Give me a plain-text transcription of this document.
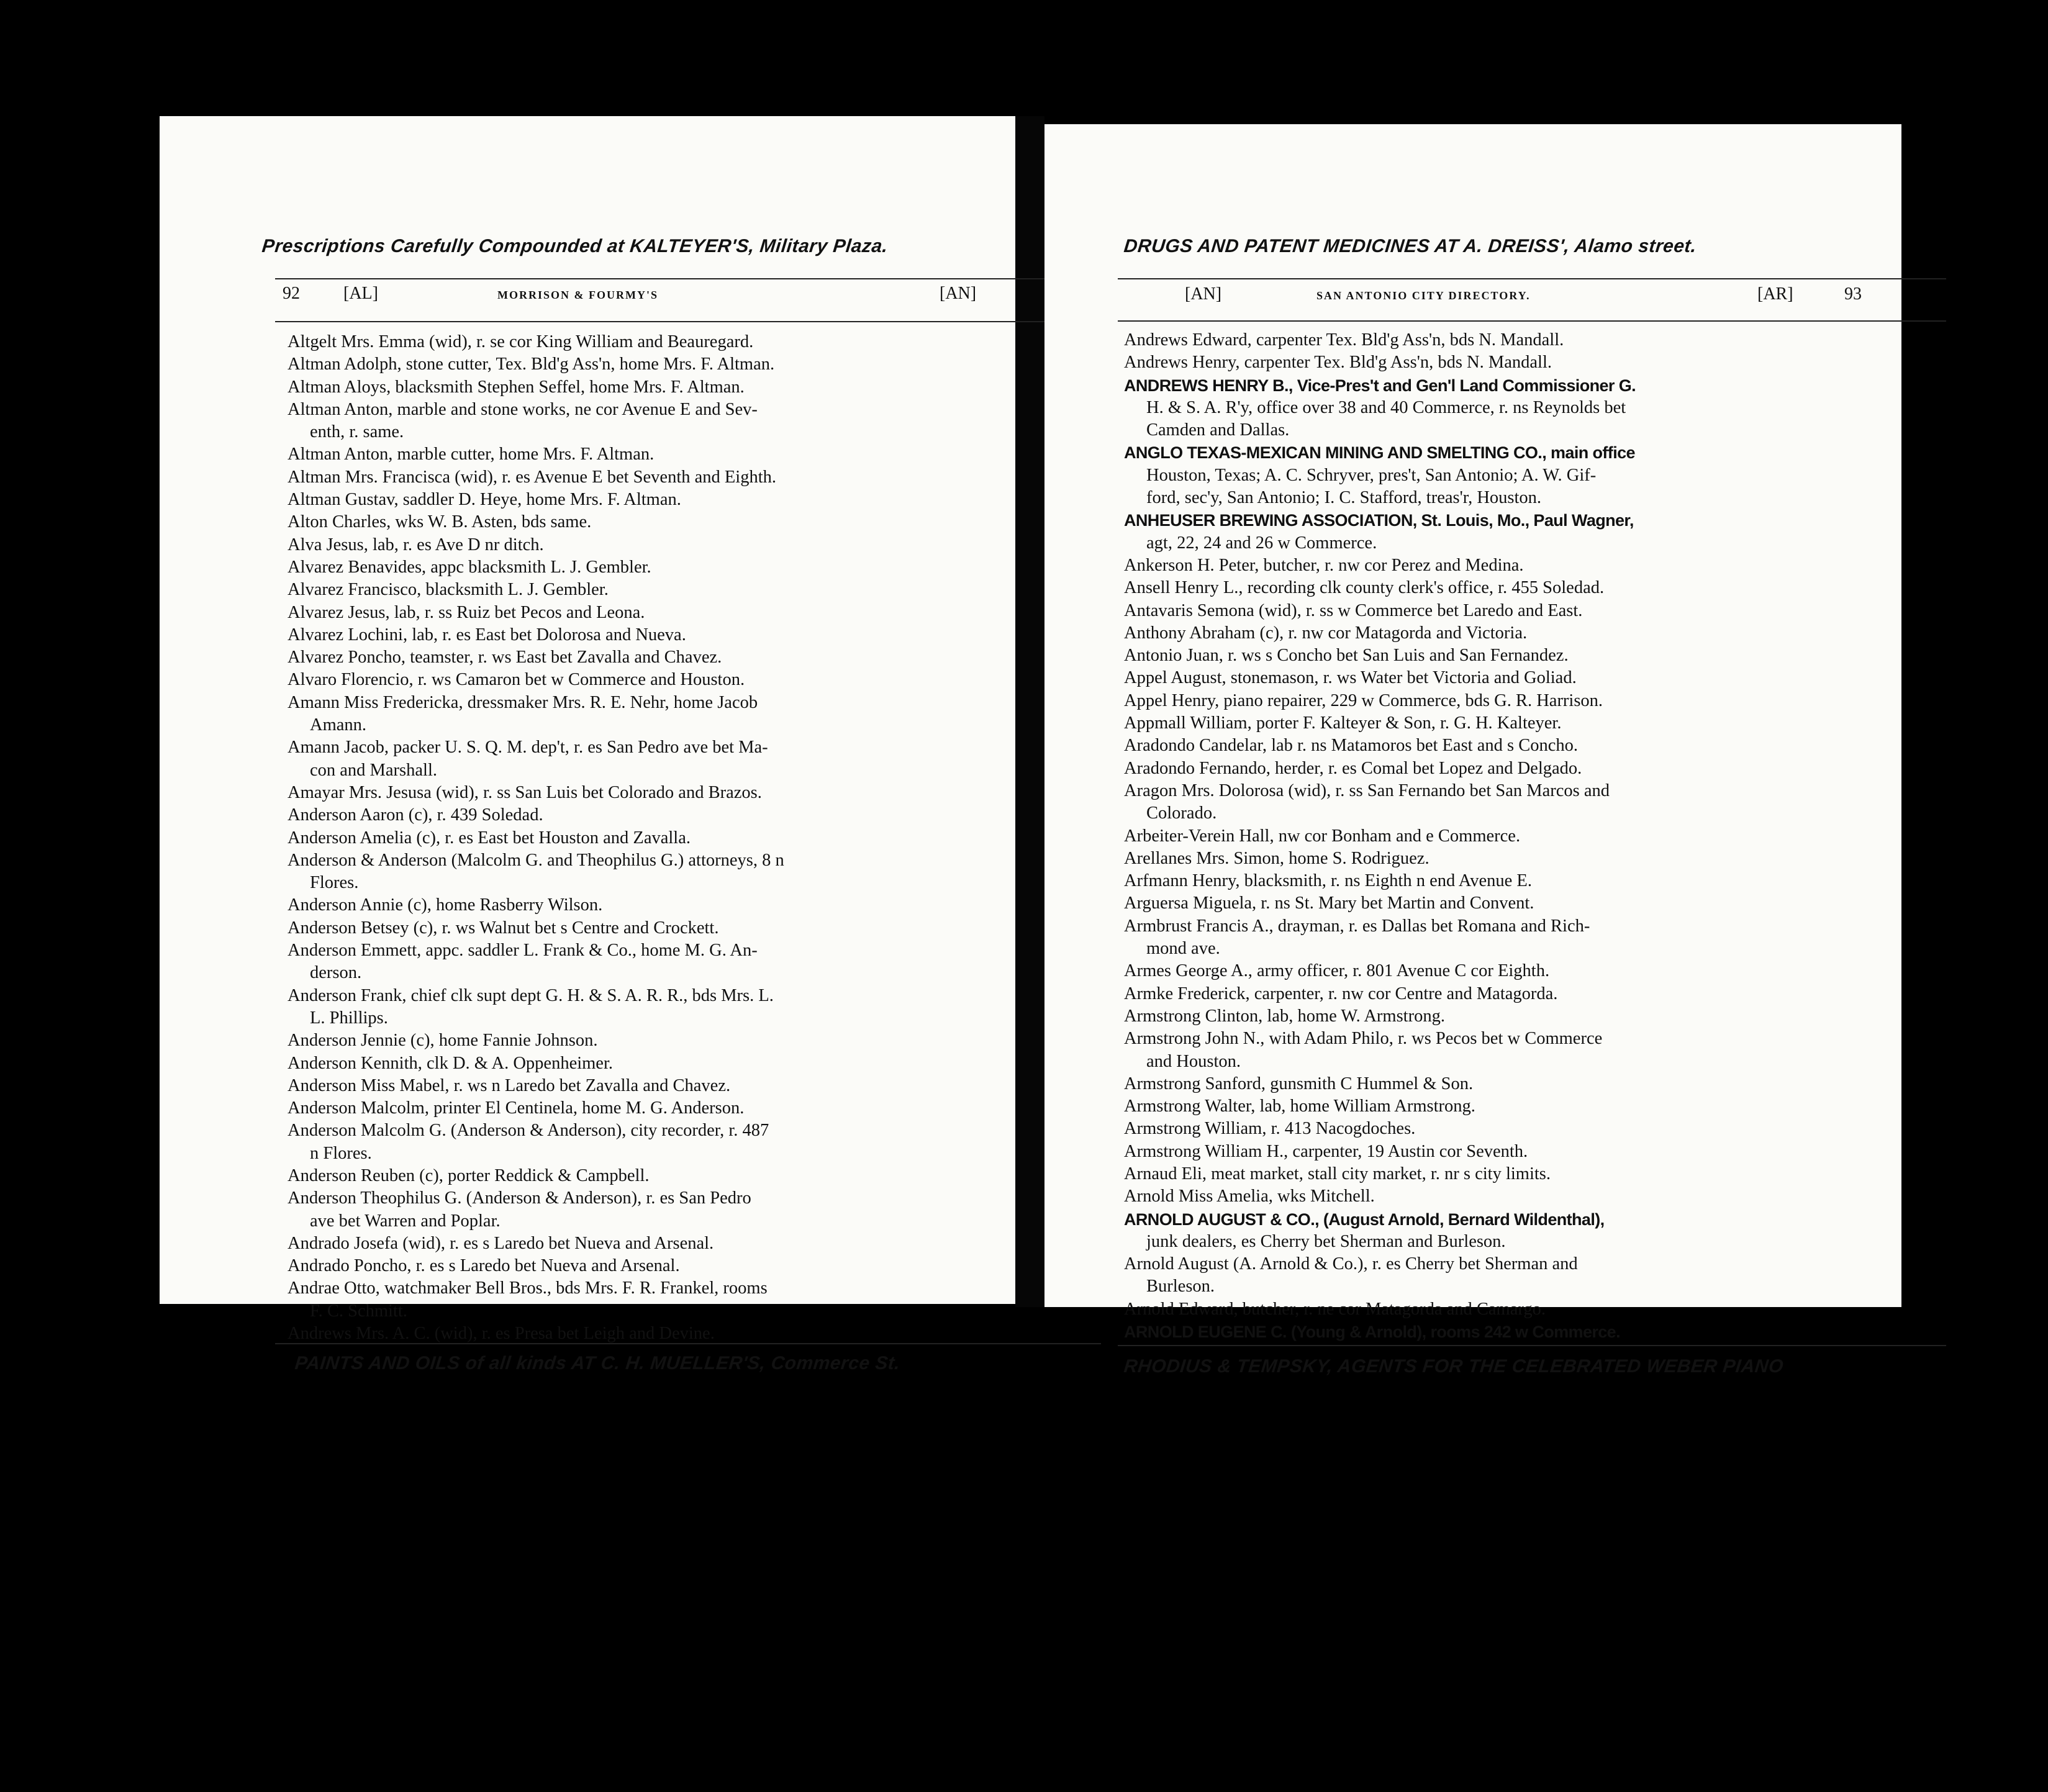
Prescriptions Carefully Compounded at KALTEYER'S, Military Plaza.
92	[AL]	MORRISON & FOURMY'S	[AN]
Altgelt Mrs. Emma (wid), r. se cor King William and Beauregard.
Altman Adolph, stone cutter, Tex. Bld'g Ass'n, home Mrs. F. Altman.
Altman Aloys, blacksmith Stephen Seffel, home Mrs. F. Altman.
Altman Anton, marble and stone works, ne cor Avenue E and Sev-
enth, r. same.
Altman Anton, marble cutter, home Mrs. F. Altman.
Altman Mrs. Francisca (wid), r. es Avenue E bet Seventh and Eighth.
Altman Gustav, saddler D. Heye, home Mrs. F. Altman.
Alton Charles, wks W. B. Asten, bds same.
Alva Jesus, lab, r. es Ave D nr ditch.
Alvarez Benavides, appc blacksmith L. J. Gembler.
Alvarez Francisco, blacksmith L. J. Gembler.
Alvarez Jesus, lab, r. ss Ruiz bet Pecos and Leona.
Alvarez Lochini, lab, r. es East bet Dolorosa and Nueva.
Alvarez Poncho, teamster, r. ws East bet Zavalla and Chavez.
Alvaro Florencio, r. ws Camaron bet w Commerce and Houston.
Amann Miss Fredericka, dressmaker Mrs. R. E. Nehr, home Jacob
Amann.
Amann Jacob, packer U. S. Q. M. dep't, r. es San Pedro ave bet Ma-
con and Marshall.
Amayar Mrs. Jesusa (wid), r. ss San Luis bet Colorado and Brazos.
Anderson Aaron (c), r. 439 Soledad.
Anderson Amelia (c), r. es East bet Houston and Zavalla.
Anderson & Anderson (Malcolm G. and Theophilus G.) attorneys, 8 n
Flores.
Anderson Annie (c), home Rasberry Wilson.
Anderson Betsey (c), r. ws Walnut bet s Centre and Crockett.
Anderson Emmett, appc. saddler L. Frank & Co., home M. G. An-
derson.
Anderson Frank, chief clk supt dept G. H. & S. A. R. R., bds Mrs. L.
L. Phillips.
Anderson Jennie (c), home Fannie Johnson.
Anderson Kennith, clk D. & A. Oppenheimer.
Anderson Miss Mabel, r. ws n Laredo bet Zavalla and Chavez.
Anderson Malcolm, printer El Centinela, home M. G. Anderson.
Anderson Malcolm G. (Anderson & Anderson), city recorder, r. 487
n Flores.
Anderson Reuben (c), porter Reddick & Campbell.
Anderson Theophilus G. (Anderson & Anderson), r. es San Pedro
ave bet Warren and Poplar.
Andrado Josefa (wid), r. es s Laredo bet Nueva and Arsenal.
Andrado Poncho, r. es s Laredo bet Nueva and Arsenal.
Andrae Otto, watchmaker Bell Bros., bds Mrs. F. R. Frankel, rooms
F. C. Schmitt.
Andrews Mrs. A. C. (wid), r. es Presa bet Leigh and Devine.
PAINTS AND OILS of all kinds AT C. H. MUELLER'S, Commerce St.
DRUGS AND PATENT MEDICINES AT A. DREISS', Alamo street.
[AN]	SAN ANTONIO CITY DIRECTORY.	[AR]	93
Andrews Edward, carpenter Tex. Bld'g Ass'n, bds N. Mandall.
Andrews Henry, carpenter Tex. Bld'g Ass'n, bds N. Mandall.
ANDREWS HENRY B., Vice-Pres't and Gen'l Land Commissioner G.
H. & S. A. R'y, office over 38 and 40 Commerce, r. ns Reynolds bet
Camden and Dallas.
ANGLO TEXAS-MEXICAN MINING AND SMELTING CO., main office
Houston, Texas; A. C. Schryver, pres't, San Antonio; A. W. Gif-
ford, sec'y, San Antonio; I. C. Stafford, treas'r, Houston.
ANHEUSER BREWING ASSOCIATION, St. Louis, Mo., Paul Wagner,
agt, 22, 24 and 26 w Commerce.
Ankerson H. Peter, butcher, r. nw cor Perez and Medina.
Ansell Henry L., recording clk county clerk's office, r. 455 Soledad.
Antavaris Semona (wid), r. ss w Commerce bet Laredo and East.
Anthony Abraham (c), r. nw cor Matagorda and Victoria.
Antonio Juan, r. ws s Concho bet San Luis and San Fernandez.
Appel August, stonemason, r. ws Water bet Victoria and Goliad.
Appel Henry, piano repairer, 229 w Commerce, bds G. R. Harrison.
Appmall William, porter F. Kalteyer & Son, r. G. H. Kalteyer.
Aradondo Candelar, lab r. ns Matamoros bet East and s Concho.
Aradondo Fernando, herder, r. es Comal bet Lopez and Delgado.
Aragon Mrs. Dolorosa (wid), r. ss San Fernando bet San Marcos and
Colorado.
Arbeiter-Verein Hall, nw cor Bonham and e Commerce.
Arellanes Mrs. Simon, home S. Rodriguez.
Arfmann Henry, blacksmith, r. ns Eighth n end Avenue E.
Arguersa Miguela, r. ns St. Mary bet Martin and Convent.
Armbrust Francis A., drayman, r. es Dallas bet Romana and Rich-
mond ave.
Armes George A., army officer, r. 801 Avenue C cor Eighth.
Armke Frederick, carpenter, r. nw cor Centre and Matagorda.
Armstrong Clinton, lab, home W. Armstrong.
Armstrong John N., with Adam Philo, r. ws Pecos bet w Commerce
and Houston.
Armstrong Sanford, gunsmith C Hummel & Son.
Armstrong Walter, lab, home William Armstrong.
Armstrong William, r. 413 Nacogdoches.
Armstrong William H., carpenter, 19 Austin cor Seventh.
Arnaud Eli, meat market, stall city market, r. nr s city limits.
Arnold Miss Amelia, wks Mitchell.
ARNOLD AUGUST & CO., (August Arnold, Bernard Wildenthal),
junk dealers, es Cherry bet Sherman and Burleson.
Arnold August (A. Arnold & Co.), r. es Cherry bet Sherman and
Burleson.
Arnold Edward, butcher, r. ne cor Matagorda and Camargo.
ARNOLD EUGENE C. (Young & Arnold), rooms 242 w Commerce.
RHODIUS & TEMPSKY, AGENTS FOR THE CELEBRATED WEBER PIANO
